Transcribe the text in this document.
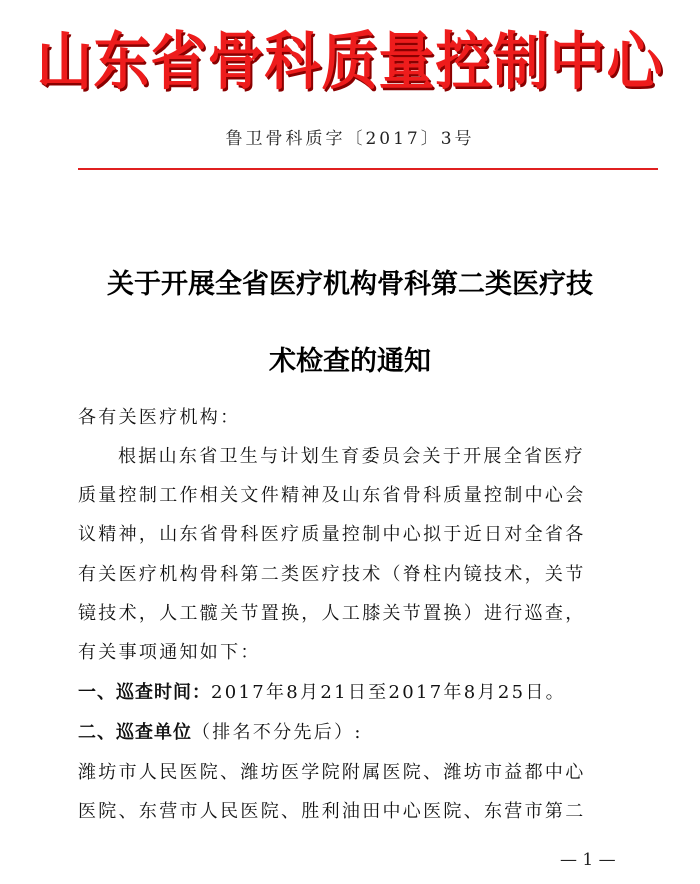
山东省骨科质量控制中心
鲁卫骨科质字〔2017〕3号
关于开展全省医疗机构骨科第二类医疗技
术检查的通知
各有关医疗机构：
根据山东省卫生与计划生育委员会关于开展全省医疗
质量控制工作相关文件精神及山东省骨科质量控制中心会
议精神，山东省骨科医疗质量控制中心拟于近日对全省各
有关医疗机构骨科第二类医疗技术（脊柱内镜技术，关节
镜技术，人工髋关节置换，人工膝关节置换）进行巡查，
有关事项通知如下：
一、巡查时间：2017年8月21日至2017年8月25日。
二、巡查单位（排名不分先后）:
潍坊市人民医院、潍坊医学院附属医院、潍坊市益都中心
医院、东营市人民医院、胜利油田中心医院、东营市第二
— 1 —
